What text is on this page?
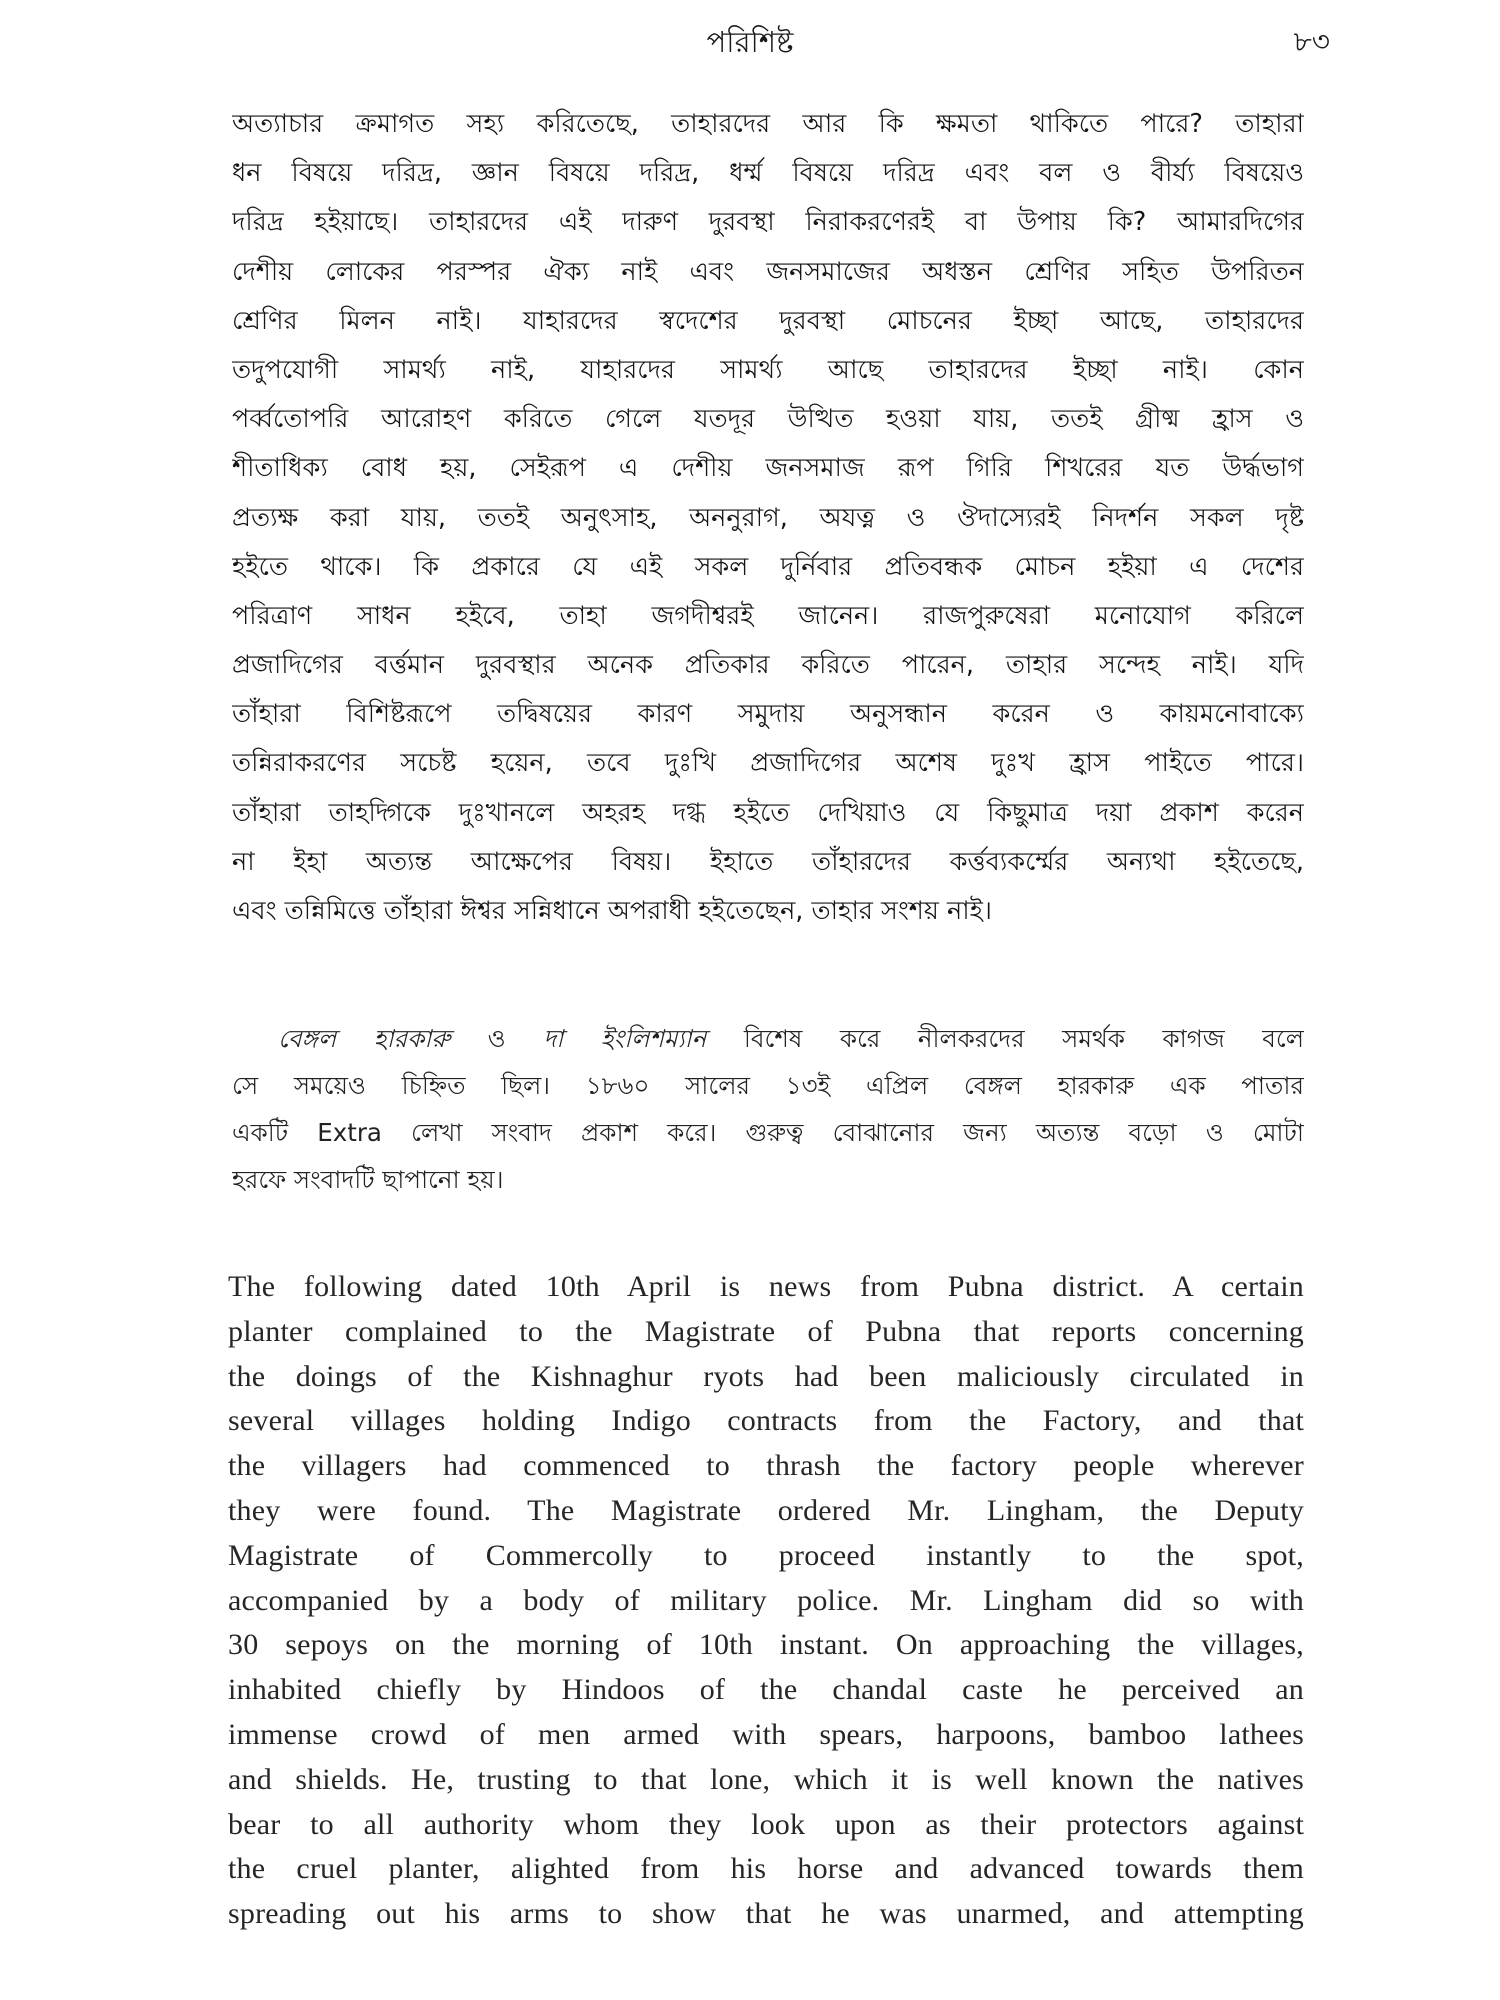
পরিশিষ্ট	৮৩
অত্যাচার ক্রমাগত সহ্য করিতেছে, তাহারদের আর কি ক্ষমতা থাকিতে পারে? তাহারা
ধন বিষয়ে দরিদ্র, জ্ঞান বিষয়ে দরিদ্র, ধৰ্ম্ম বিষয়ে দরিদ্র এবং বল ও বীর্য্য বিষয়েও
দরিদ্র হইয়াছে। তাহারদের এই দারুণ দুরবস্থা নিরাকরণেরই বা উপায় কি? আমারদিগের
দেশীয় লোকের পরস্পর ঐক্য নাই এবং জনসমাজের অধস্তন শ্রেণির সহিত উপরিতন
শ্রেণির মিলন নাই। যাহারদের স্বদেশের দুরবস্থা মোচনের ইচ্ছা আছে, তাহারদের
তদুপযোগী সামর্থ্য নাই, যাহারদের সামর্থ্য আছে তাহারদের ইচ্ছা নাই। কোন
পৰ্ব্বতোপরি আরোহণ করিতে গেলে যতদূর উত্থিত হওয়া যায়, ততই গ্রীষ্ম হ্রাস ও
শীতাধিক্য বোধ হয়, সেইরূপ এ দেশীয় জনসমাজ রূপ গিরি শিখরের যত উৰ্দ্ধভাগ
প্রত্যক্ষ করা যায়, ততই অনুৎসাহ, অননুরাগ, অযত্ন ও ঔদাস্যেরই নিদর্শন সকল দৃষ্ট
হইতে থাকে। কি প্রকারে যে এই সকল দুর্নিবার প্রতিবন্ধক মোচন হইয়া এ দেশের
পরিত্রাণ সাধন হইবে, তাহা জগদীশ্বরই জানেন। রাজপুরুষেরা মনোযোগ করিলে
প্রজাদিগের বৰ্ত্তমান দুরবস্থার অনেক প্রতিকার করিতে পারেন, তাহার সন্দেহ নাই। যদি
তাঁহারা বিশিষ্টরূপে তদ্বিষয়ের কারণ সমুদায় অনুসন্ধান করেন ও কায়মনোবাক্যে
তন্নিরাকরণের সচেষ্ট হয়েন, তবে দুঃখি প্রজাদিগের অশেষ দুঃখ হ্রাস পাইতে পারে।
তাঁহারা তাহদ্গিকে দুঃখানলে অহরহ দগ্ধ হইতে দেখিয়াও যে কিছুমাত্র দয়া প্রকাশ করেন
না ইহা অত্যন্ত আক্ষেপের বিষয়। ইহাতে তাঁহারদের কৰ্ত্তব্যকৰ্ম্মের অন্যথা হইতেছে,
এবং তন্নিমিত্তে তাঁহারা ঈশ্বর সন্নিধানে অপরাধী হইতেছেন, তাহার সংশয় নাই।
বেঙ্গল হারকারু ও দা ইংলিশম্যান বিশেষ করে নীলকরদের সমর্থক কাগজ বলে
সে সময়েও চিহ্নিত ছিল। ১৮৬০ সালের ১৩ই এপ্রিল বেঙ্গল হারকারু এক পাতার
একটি Extra লেখা সংবাদ প্রকাশ করে। গুরুত্ব বোঝানোর জন্য অত্যন্ত বড়ো ও মোটা
হরফে সংবাদটি ছাপানো হয়।
The following dated 10th April is news from Pubna district. A certain
planter complained to the Magistrate of Pubna that reports concerning
the doings of the Kishnaghur ryots had been maliciously circulated in
several villages holding Indigo contracts from the Factory, and that
the villagers had commenced to thrash the factory people wherever
they were found. The Magistrate ordered Mr. Lingham, the Deputy
Magistrate of Commercolly to proceed instantly to the spot,
accompanied by a body of military police. Mr. Lingham did so with
30 sepoys on the morning of 10th instant. On approaching the villages,
inhabited chiefly by Hindoos of the chandal caste he perceived an
immense crowd of men armed with spears, harpoons, bamboo lathees
and shields. He, trusting to that lone, which it is well known the natives
bear to all authority whom they look upon as their protectors against
the cruel planter, alighted from his horse and advanced towards them
spreading out his arms to show that he was unarmed, and attempting
